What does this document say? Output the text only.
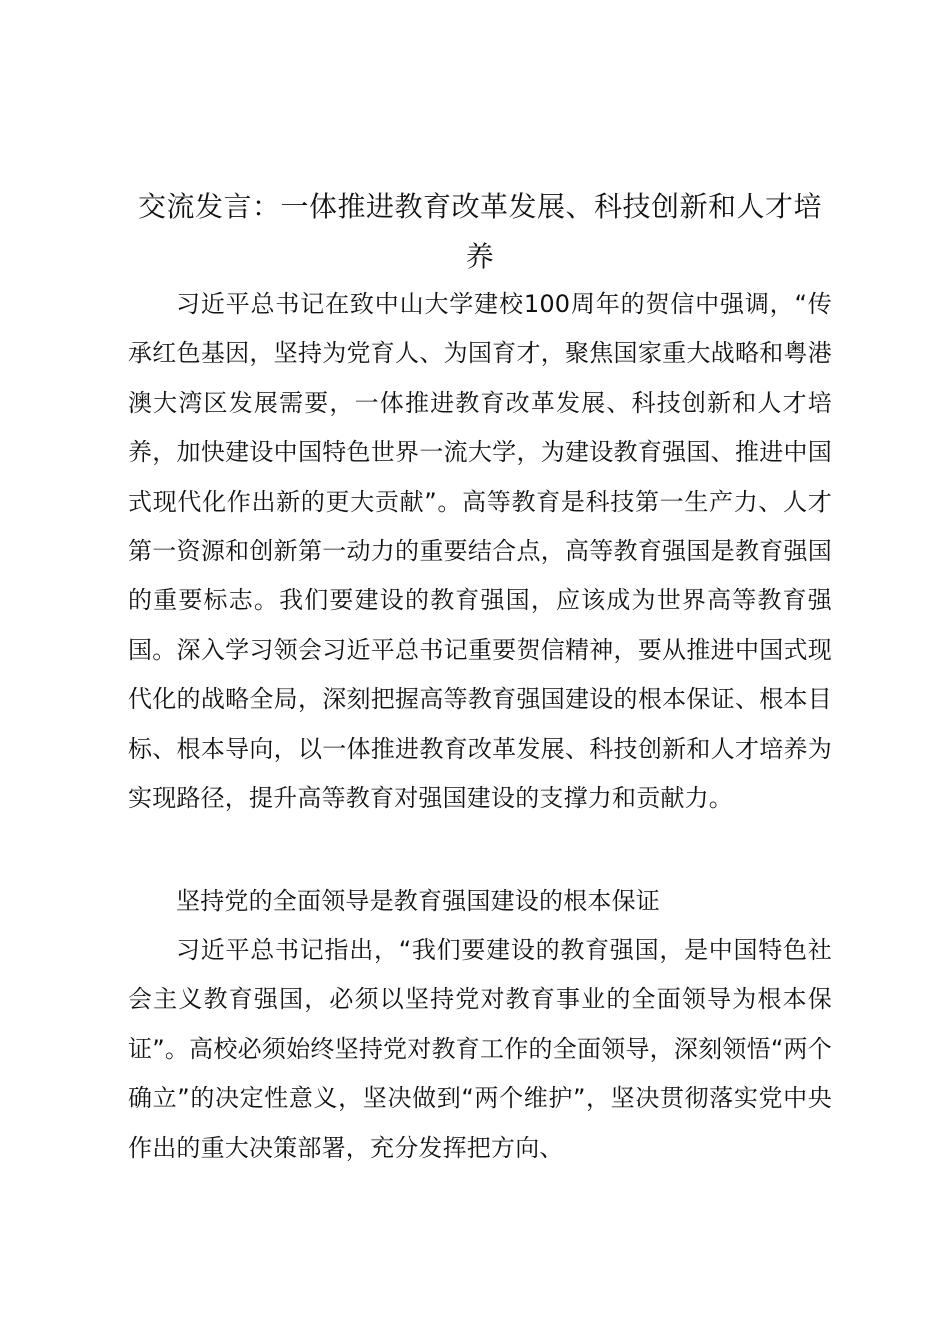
交流发言：一体推进教育改革发展、科技创新和人才培养

习近平总书记在致中山大学建校100周年的贺信中强调，“传承红色基因，坚持为党育人、为国育才，聚焦国家重大战略和粤港澳大湾区发展需要，一体推进教育改革发展、科技创新和人才培养，加快建设中国特色世界一流大学，为建设教育强国、推进中国式现代化作出新的更大贡献”。高等教育是科技第一生产力、人才第一资源和创新第一动力的重要结合点，高等教育强国是教育强国的重要标志。我们要建设的教育强国，应该成为世界高等教育强国。深入学习领会习近平总书记重要贺信精神，要从推进中国式现代化的战略全局，深刻把握高等教育强国建设的根本保证、根本目标、根本导向，以一体推进教育改革发展、科技创新和人才培养为实现路径，提升高等教育对强国建设的支撑力和贡献力。

坚持党的全面领导是教育强国建设的根本保证

习近平总书记指出，“我们要建设的教育强国，是中国特色社会主义教育强国，必须以坚持党对教育事业的全面领导为根本保证”。高校必须始终坚持党对教育工作的全面领导，深刻领悟“两个确立”的决定性意义，坚决做到“两个维护”，坚决贯彻落实党中央作出的重大决策部署，充分发挥把方向、
